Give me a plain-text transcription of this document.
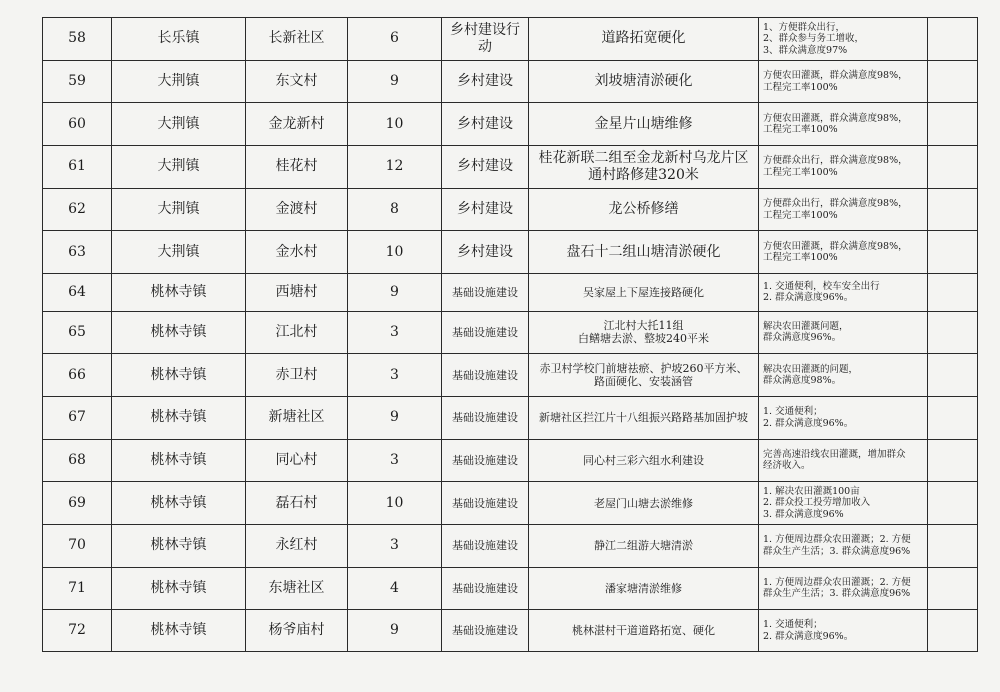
58	长乐镇	长新社区	6	乡村建设行
动	道路拓宽硬化	1、方便群众出行，
2、群众参与务工增收，
3、群众满意度97%	
59	大荆镇	东文村	9	乡村建设	刘坡塘清淤硬化	方便农田灌溉，群众满意度98%，
工程完工率100%	
60	大荆镇	金龙新村	10	乡村建设	金星片山塘维修	方便农田灌溉，群众满意度98%，
工程完工率100%	
61	大荆镇	桂花村	12	乡村建设	桂花新联二组至金龙新村乌龙片区
通村路修建320米	方便群众出行，群众满意度98%，
工程完工率100%	
62	大荆镇	金渡村	8	乡村建设	龙公桥修缮	方便群众出行，群众满意度98%，
工程完工率100%	
63	大荆镇	金水村	10	乡村建设	盘石十二组山塘清淤硬化	方便农田灌溉，群众满意度98%，
工程完工率100%	
64	桃林寺镇	西塘村	9	基础设施建设	吴家屋上下屋连接路硬化	1. 交通便利，校车安全出行
2. 群众满意度96%。	
65	桃林寺镇	江北村	3	基础设施建设	江北村大托11组
白鳝塘去淤、整坡240平米	解决农田灌溉问题，
群众满意度96%。	
66	桃林寺镇	赤卫村	3	基础设施建设	赤卫村学校门前塘祛瘀、护坡260平方米、
路面硬化、安装涵管	解决农田灌溉的问题，
群众满意度98%。	
67	桃林寺镇	新塘社区	9	基础设施建设	新塘社区拦江片十八组振兴路路基加固护坡	1. 交通便利；
2. 群众满意度96%。	
68	桃林寺镇	同心村	3	基础设施建设	同心村三彩六组水利建设	完善高速沿线农田灌溉，增加群众
经济收入。	
69	桃林寺镇	磊石村	10	基础设施建设	老屋门山塘去淤维修	1. 解决农田灌溉100亩
2. 群众投工投劳增加收入
3. 群众满意度96%	
70	桃林寺镇	永红村	3	基础设施建设	静江二组游大塘清淤	1. 方便周边群众农田灌溉；2. 方便
群众生产生活；3. 群众满意度96%	
71	桃林寺镇	东塘社区	4	基础设施建设	潘家塘清淤维修	1. 方便周边群众农田灌溉；2. 方便
群众生产生活；3. 群众满意度96%	
72	桃林寺镇	杨爷庙村	9	基础设施建设	桃林湛村干道道路拓宽、硬化	1. 交通便利；
2. 群众满意度96%。	
